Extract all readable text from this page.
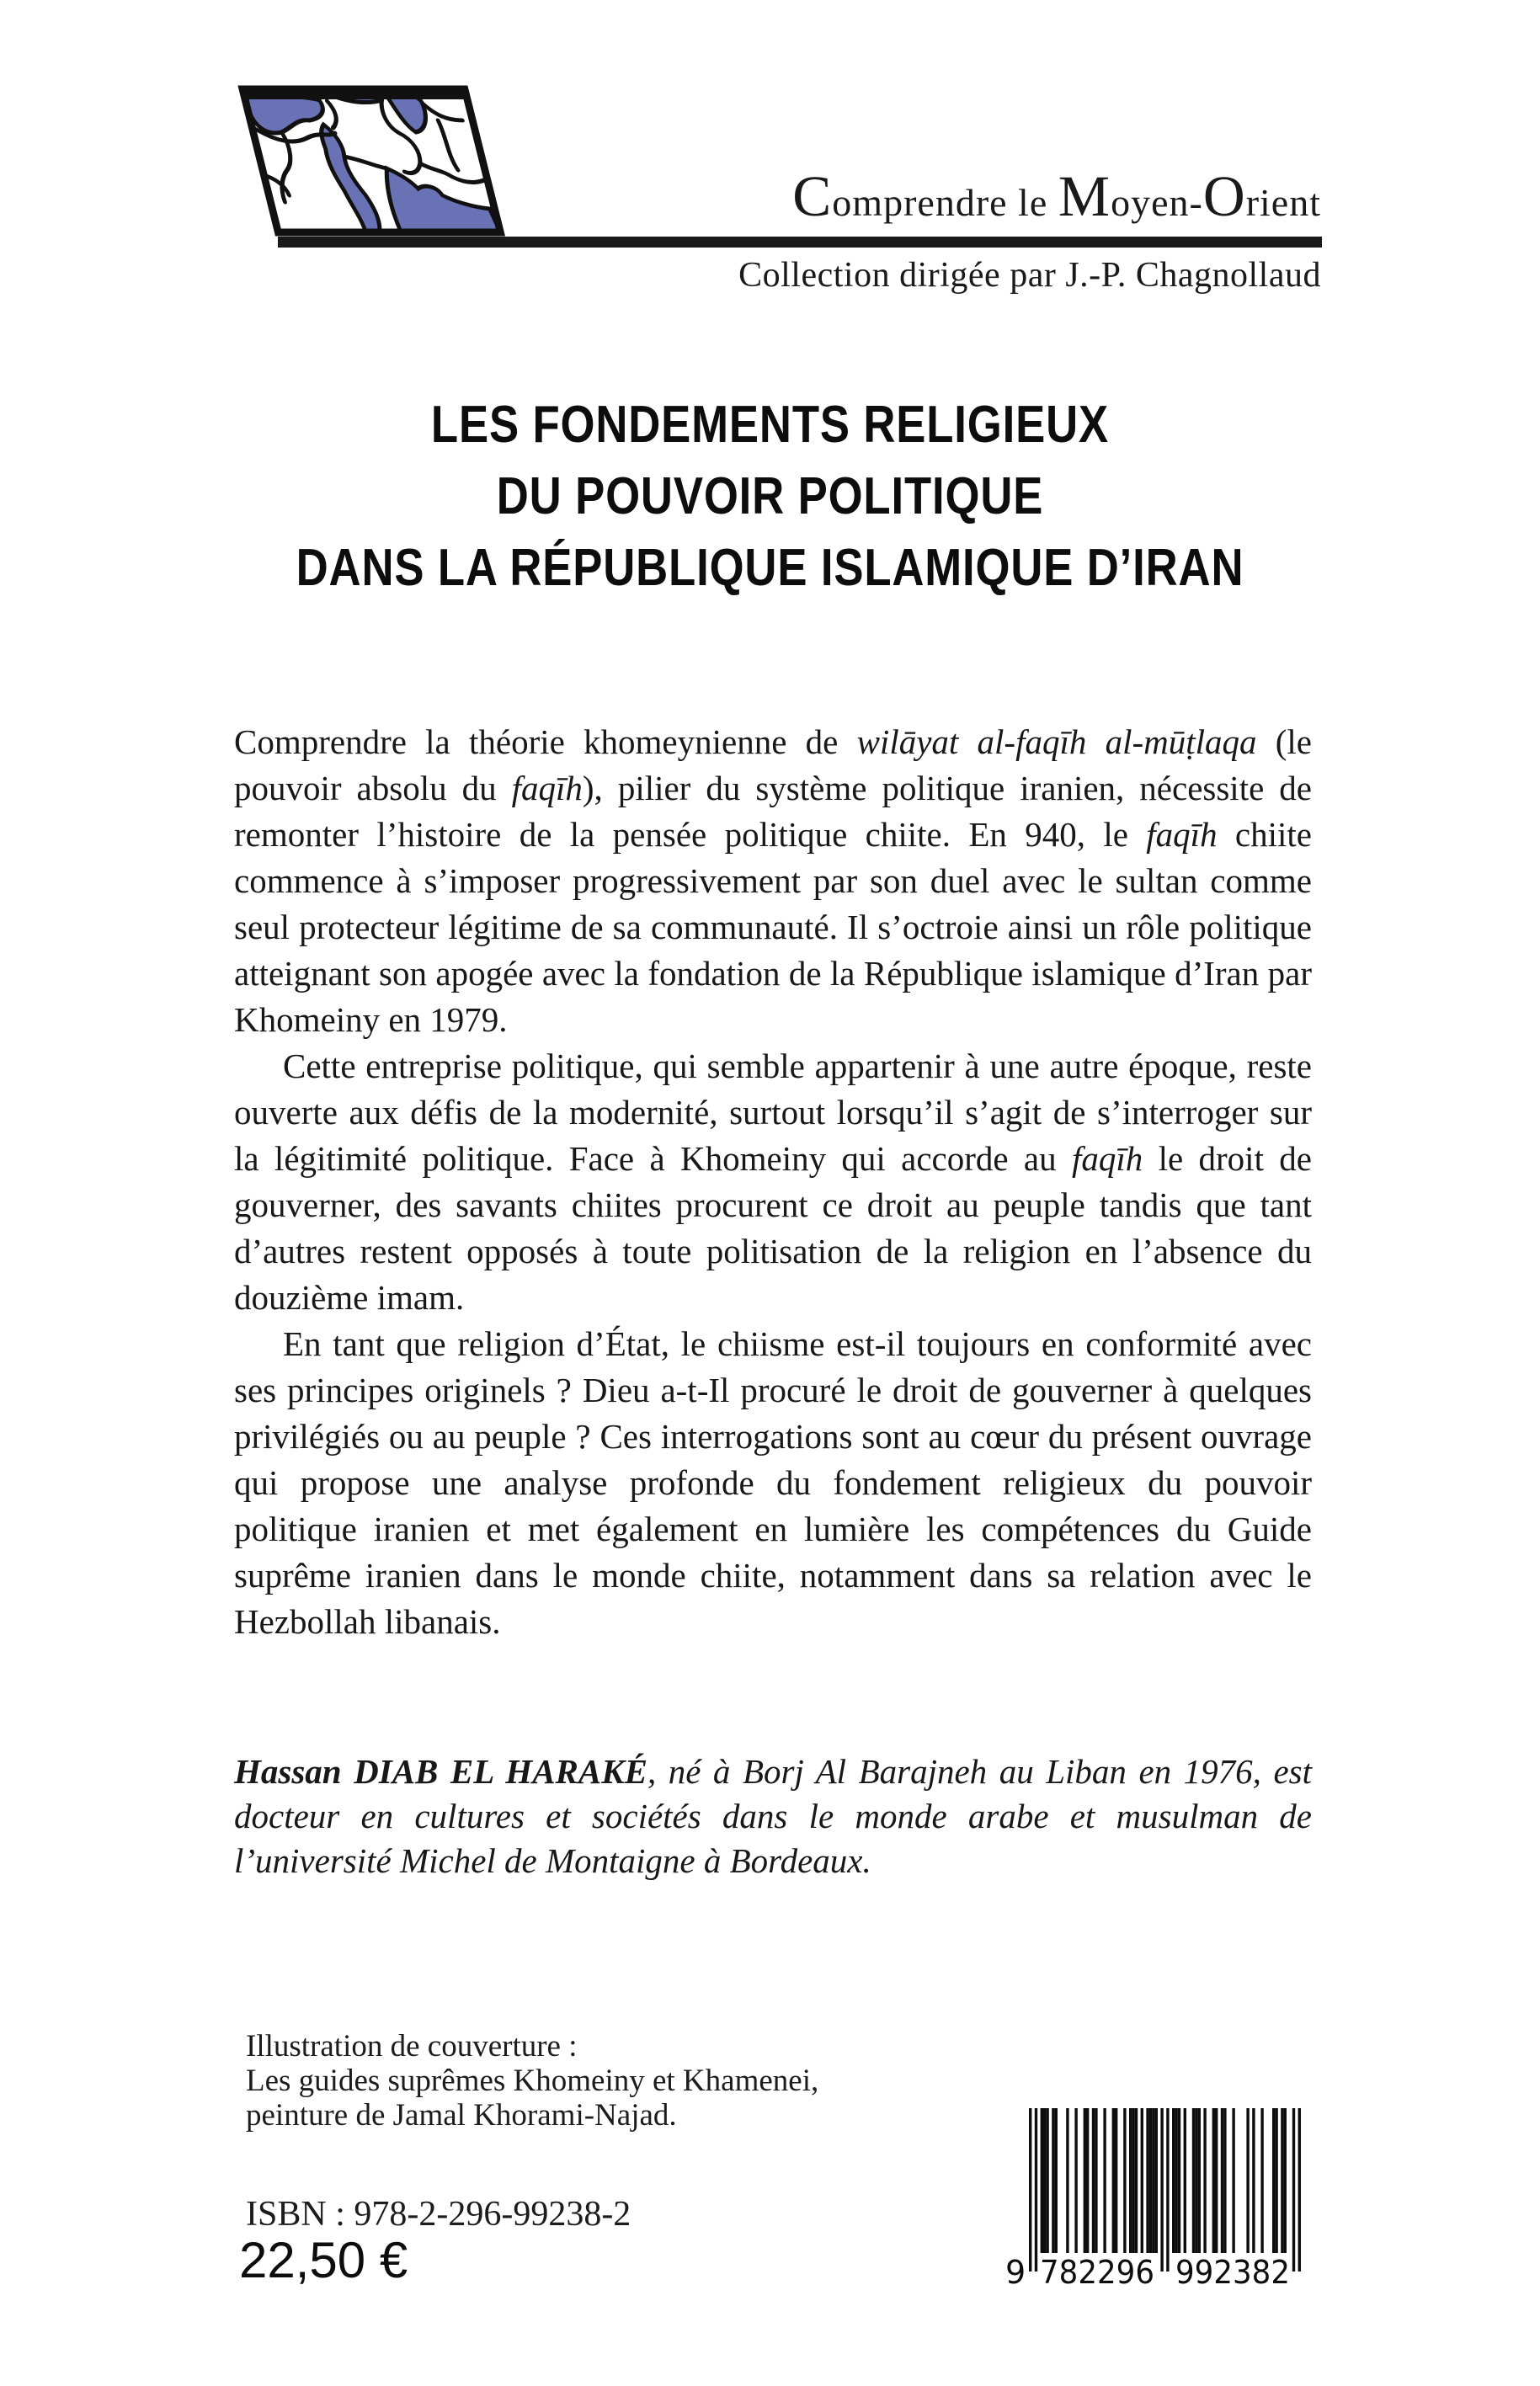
Comprendre le Moyen-Orient
Collection dirigée par J.-P. Chagnollaud
LES FONDEMENTS RELIGIEUX
DU POUVOIR POLITIQUE
DANS LA RÉPUBLIQUE ISLAMIQUE D’IRAN

Comprendre la théorie khomeynienne de wilāyat al-faqīh al-mūṭlaqa (le pouvoir absolu du faqīh), pilier du système politique iranien, nécessite de remonter l’histoire de la pensée politique chiite. En 940, le faqīh chiite commence à s’imposer progressivement par son duel avec le sultan comme seul protecteur légitime de sa communauté. Il s’octroie ainsi un rôle politique atteignant son apogée avec la fondation de la République islamique d’Iran par Khomeiny en 1979.

Cette entreprise politique, qui semble appartenir à une autre époque, reste ouverte aux défis de la modernité, surtout lorsqu’il s’agit de s’interroger sur la légitimité politique. Face à Khomeiny qui accorde au faqīh le droit de gouverner, des savants chiites procurent ce droit au peuple tandis que tant d’autres restent opposés à toute politisation de la religion en l’absence du douzième imam.

En tant que religion d’État, le chiisme est-il toujours en conformité avec ses principes originels ? Dieu a-t-Il procuré le droit de gouverner à quelques privilégiés ou au peuple ? Ces interrogations sont au cœur du présent ouvrage qui propose une analyse profonde du fondement religieux du pouvoir politique iranien et met également en lumière les compétences du Guide suprême iranien dans le monde chiite, notamment dans sa relation avec le Hezbollah libanais.

Hassan DIAB EL HARAKÉ, né à Borj Al Barajneh au Liban en 1976, est docteur en cultures et sociétés dans le monde arabe et musulman de l’université Michel de Montaigne à Bordeaux.

Illustration de couverture :
Les guides suprêmes Khomeiny et Khamenei,
peinture de Jamal Khorami-Najad.
ISBN : 978-2-296-99238-2
22,50 €	9 782296 992382
